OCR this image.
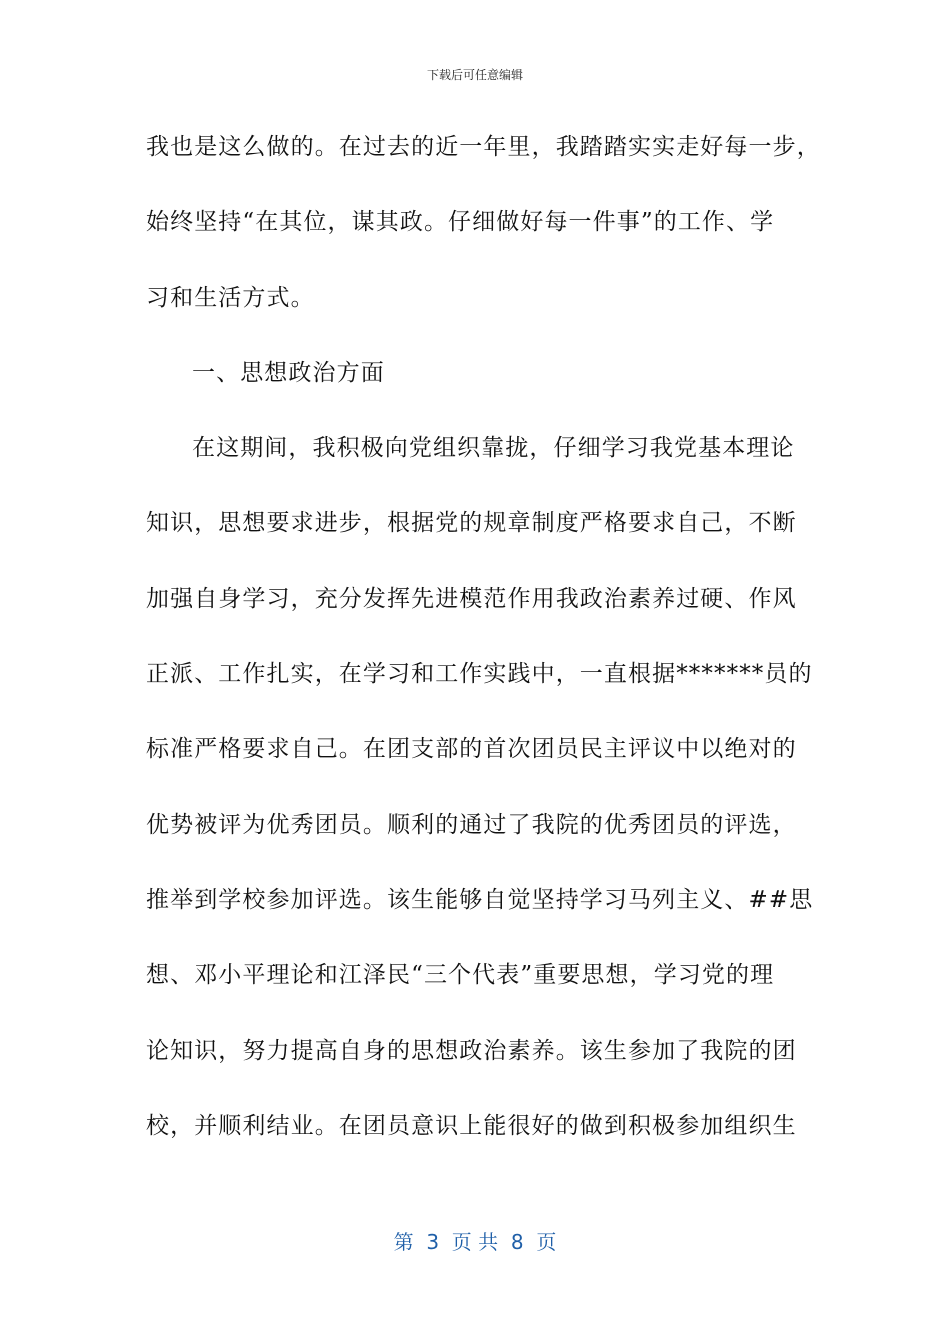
下载后可任意编辑
我也是这么做的。在过去的近一年里，我踏踏实实走好每一步，
始终坚持“在其位，谋其政。仔细做好每一件事”的工作、学
习和生活方式。
一、思想政治方面
在这期间，我积极向党组织靠拢，仔细学习我党基本理论
知识，思想要求进步，根据党的规章制度严格要求自己，不断
加强自身学习，充分发挥先进模范作用我政治素养过硬、作风
正派、工作扎实，在学习和工作实践中，一直根据*******员的
标准严格要求自己。在团支部的首次团员民主评议中以绝对的
优势被评为优秀团员。顺利的通过了我院的优秀团员的评选，
推举到学校参加评选。该生能够自觉坚持学习马列主义、##思
想、邓小平理论和江泽民“三个代表”重要思想，学习党的理
论知识，努力提高自身的思想政治素养。该生参加了我院的团
校，并顺利结业。在团员意识上能很好的做到积极参加组织生
第  3  页 共  8  页
